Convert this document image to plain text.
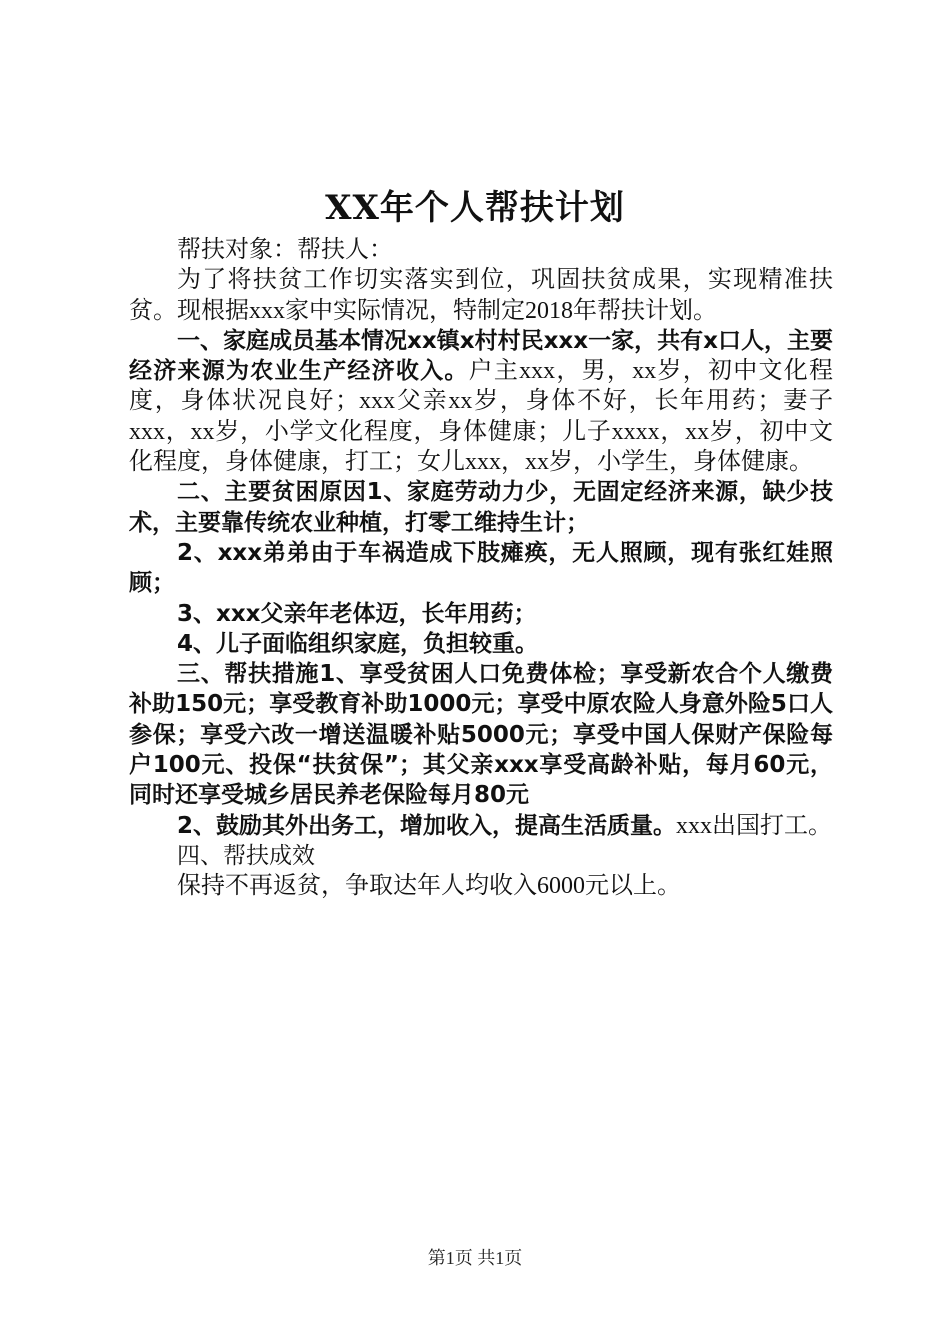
XX年个人帮扶计划

帮扶对象：帮扶人：

为了将扶贫工作切实落实到位，巩固扶贫成果，实现精准扶贫。现根据xxx家中实际情况，特制定2018年帮扶计划。

一、家庭成员基本情况xx镇x村村民xxx一家，共有x口人，主要经济来源为农业生产经济收入。户主xxx，男，xx岁，初中文化程度，身体状况良好；xxx父亲xx岁，身体不好，长年用药；妻子xxx，xx岁，小学文化程度，身体健康；儿子xxxx，xx岁，初中文化程度，身体健康，打工；女儿xxx，xx岁，小学生，身体健康。

二、主要贫困原因1、家庭劳动力少，无固定经济来源，缺少技术，主要靠传统农业种植，打零工维持生计；

2、xxx弟弟由于车祸造成下肢瘫痪，无人照顾，现有张红娃照顾；

3、xxx父亲年老体迈，长年用药；

4、儿子面临组织家庭，负担较重。

三、帮扶措施1、享受贫困人口免费体检；享受新农合个人缴费补助150元；享受教育补助1000元；享受中原农险人身意外险5口人参保；享受六改一增送温暖补贴5000元；享受中国人保财产保险每户100元、投保“扶贫保”；其父亲xxx享受高龄补贴，每月60元，同时还享受城乡居民养老保险每月80元

2、鼓励其外出务工，增加收入，提高生活质量。xxx出国打工。

四、帮扶成效

保持不再返贫，争取达年人均收入6000元以上。

第1页 共1页
